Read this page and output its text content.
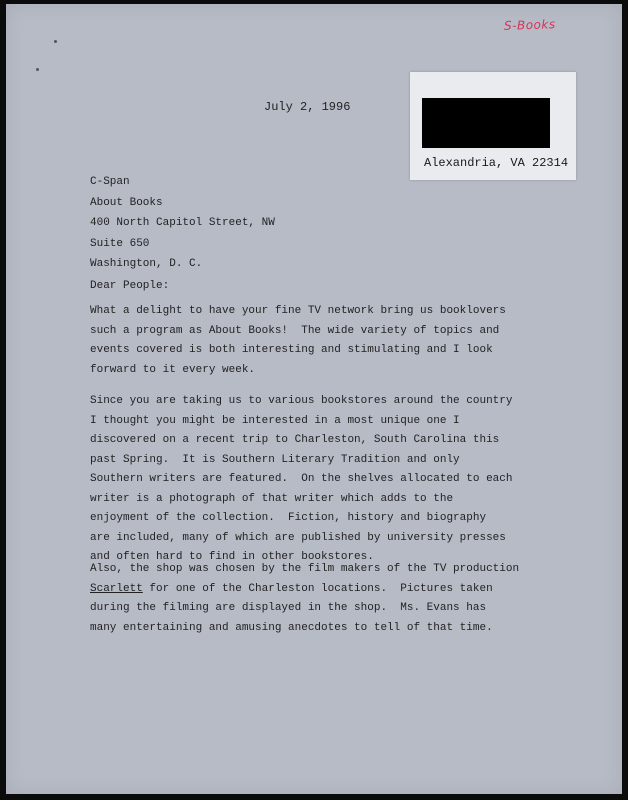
S-Books
Alexandria, VA 22314
July 2, 1996
C-Span
About Books
400 North Capitol Street, NW
Suite 650
Washington, D. C.
Dear People:
What a delight to have your fine TV network bring us booklovers
such a program as About Books!  The wide variety of topics and
events covered is both interesting and stimulating and I look
forward to it every week.
Since you are taking us to various bookstores around the country
I thought you might be interested in a most unique one I
discovered on a recent trip to Charleston, South Carolina this
past Spring.  It is Southern Literary Tradition and only
Southern writers are featured.  On the shelves allocated to each
writer is a photograph of that writer which adds to the
enjoyment of the collection.  Fiction, history and biography
are included, many of which are published by university presses
and often hard to find in other bookstores.
Also, the shop was chosen by the film makers of the TV production
Scarlett for one of the Charleston locations.  Pictures taken
during the filming are displayed in the shop.  Ms. Evans has
many entertaining and amusing anecdotes to tell of that time.
